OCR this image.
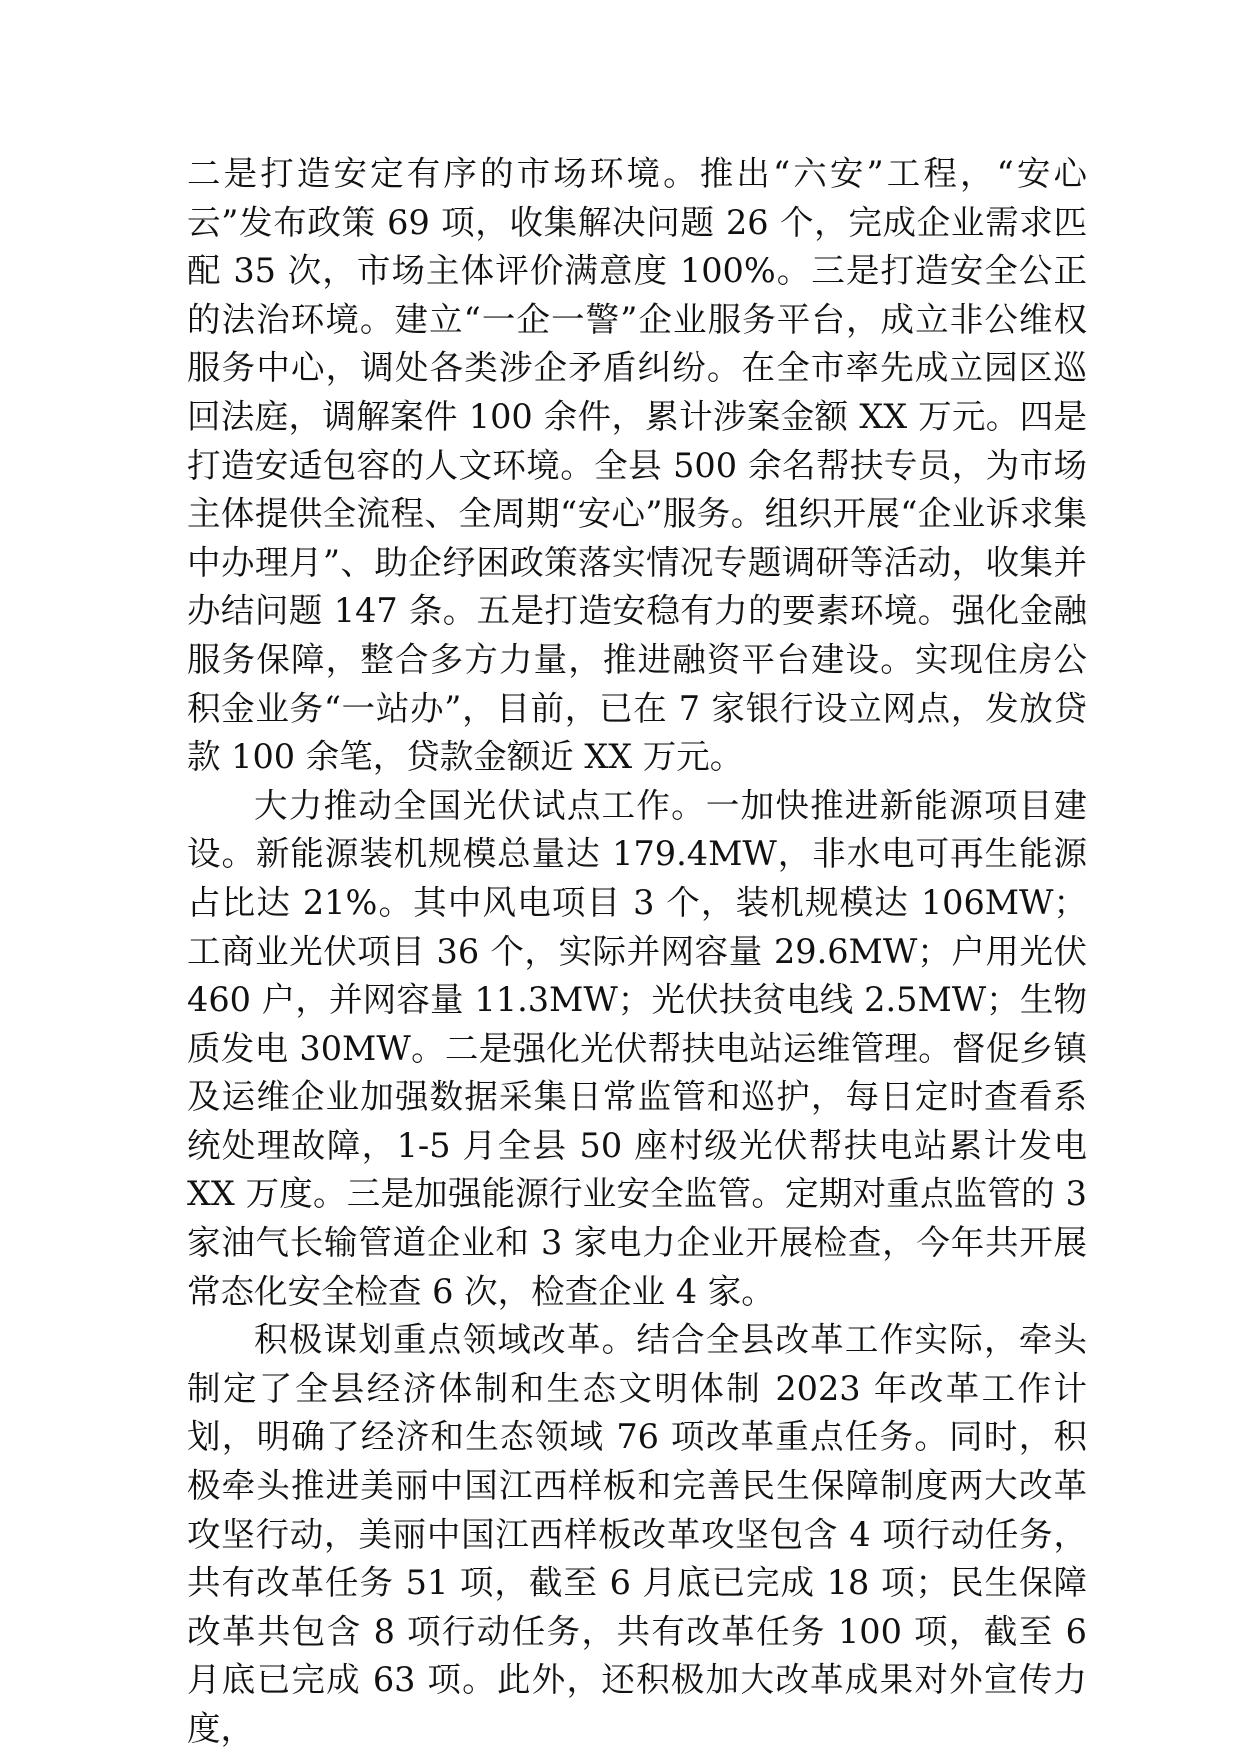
二是打造安定有序的市场环境。推出“六安”工程，“安心云”发布政策 69 项，收集解决问题 26 个，完成企业需求匹配 35 次，市场主体评价满意度 100%。三是打造安全公正的法治环境。建立“一企一警”企业服务平台，成立非公维权服务中心，调处各类涉企矛盾纠纷。在全市率先成立园区巡回法庭，调解案件 100 余件，累计涉案金额 XX 万元。四是打造安适包容的人文环境。全县 500 余名帮扶专员，为市场主体提供全流程、全周期“安心”服务。组织开展“企业诉求集中办理月”、助企纾困政策落实情况专题调研等活动，收集并办结问题 147 条。五是打造安稳有力的要素环境。强化金融服务保障，整合多方力量，推进融资平台建设。实现住房公积金业务“一站办”，目前，已在 7 家银行设立网点，发放贷款 100 余笔，贷款金额近 XX 万元。

大力推动全国光伏试点工作。一加快推进新能源项目建设。新能源装机规模总量达 179.4MW，非水电可再生能源占比达 21%。其中风电项目 3 个，装机规模达 106MW；工商业光伏项目 36 个，实际并网容量 29.6MW；户用光伏 460 户，并网容量 11.3MW；光伏扶贫电线 2.5MW；生物质发电 30MW。二是强化光伏帮扶电站运维管理。督促乡镇及运维企业加强数据采集日常监管和巡护，每日定时查看系统处理故障，1-5 月全县 50 座村级光伏帮扶电站累计发电 XX 万度。三是加强能源行业安全监管。定期对重点监管的 3 家油气长输管道企业和 3 家电力企业开展检查，今年共开展常态化安全检查 6 次，检查企业 4 家。

积极谋划重点领域改革。结合全县改革工作实际，牵头制定了全县经济体制和生态文明体制 2023 年改革工作计划，明确了经济和生态领域 76 项改革重点任务。同时，积极牵头推进美丽中国江西样板和完善民生保障制度两大改革攻坚行动，美丽中国江西样板改革攻坚包含 4 项行动任务，共有改革任务 51 项，截至 6 月底已完成 18 项；民生保障改革共包含 8 项行动任务，共有改革任务 100 项，截至 6 月底已完成 63 项。此外，还积极加大改革成果对外宣传力度，
